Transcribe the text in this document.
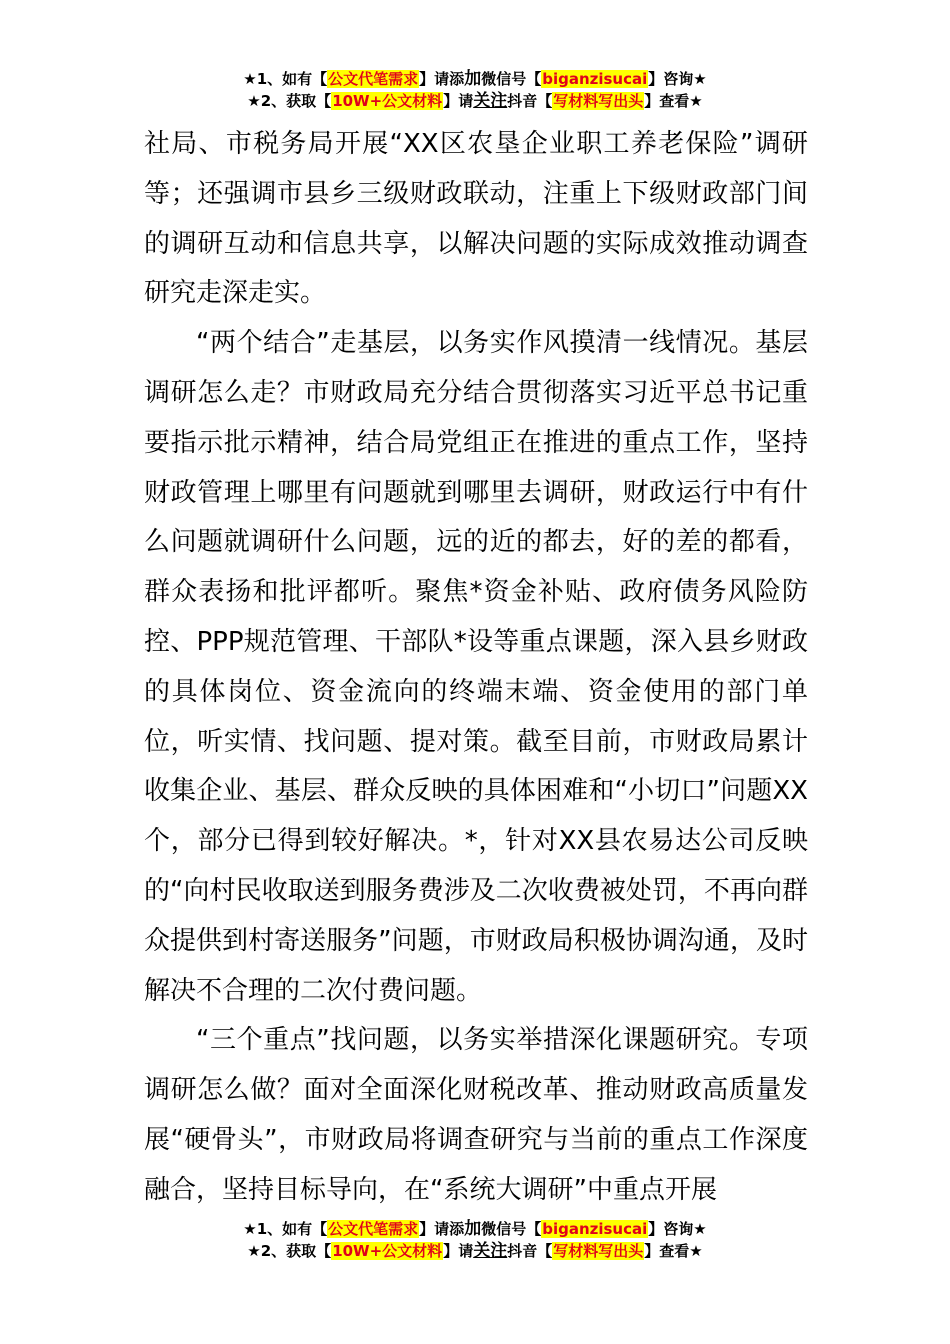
★1、如有【公文代笔需求】请添加微信号【biganzisucai】咨询★
★2、获取【10W+公文材料】请关注抖音【写材料写出头】查看★

社局、市税务局开展“XX区农垦企业职工养老保险”调研等；还强调市县乡三级财政联动，注重上下级财政部门间的调研互动和信息共享，以解决问题的实际成效推动调查研究走深走实。

“两个结合”走基层，以务实作风摸清一线情况。基层调研怎么走？市财政局充分结合贯彻落实习近平总书记重要指示批示精神，结合局党组正在推进的重点工作，坚持财政管理上哪里有问题就到哪里去调研，财政运行中有什么问题就调研什么问题，远的近的都去，好的差的都看，群众表扬和批评都听。聚焦*资金补贴、政府债务风险防控、PPP规范管理、干部队*设等重点课题，深入县乡财政的具体岗位、资金流向的终端末端、资金使用的部门单位，听实情、找问题、提对策。截至目前，市财政局累计收集企业、基层、群众反映的具体困难和“小切口”问题XX个，部分已得到较好解决。*，针对XX县农易达公司反映的“向村民收取送到服务费涉及二次收费被处罚，不再向群众提供到村寄送服务”问题，市财政局积极协调沟通，及时解决不合理的二次付费问题。

“三个重点”找问题，以务实举措深化课题研究。专项调研怎么做？面对全面深化财税改革、推动财政高质量发展“硬骨头”，市财政局将调查研究与当前的重点工作深度融合，坚持目标导向，在“系统大调研”中重点开展

★1、如有【公文代笔需求】请添加微信号【biganzisucai】咨询★
★2、获取【10W+公文材料】请关注抖音【写材料写出头】查看★
